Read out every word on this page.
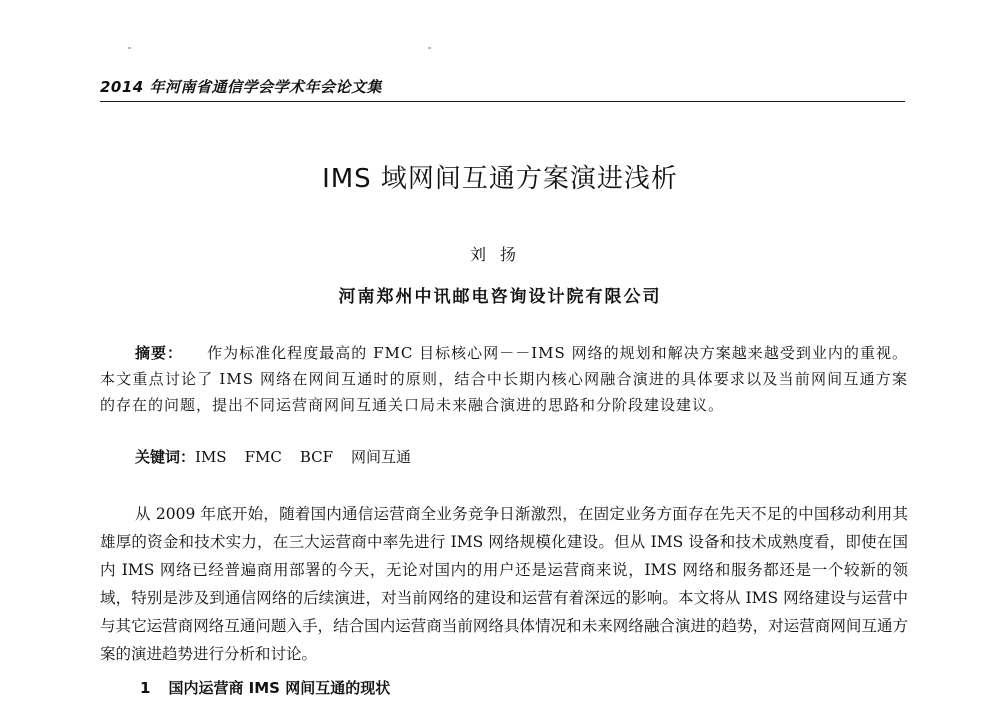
2014 年河南省通信学会学术年会论文集
IMS 域网间互通方案演进浅析
刘扬
河南郑州中讯邮电咨询设计院有限公司
摘要： 作为标准化程度最高的 FMC 目标核心网－－IMS 网络的规划和解决方案越来越受到业内的重视。本文重点讨论了 IMS 网络在网间互通时的原则，结合中长期内核心网融合演进的具体要求以及当前网间互通方案的存在的问题，提出不同运营商网间互通关口局未来融合演进的思路和分阶段建设建议。
关键词：IMS FMC BCF 网间互通
从 2009 年底开始，随着国内通信运营商全业务竞争日渐激烈，在固定业务方面存在先天不足的中国移动利用其雄厚的资金和技术实力，在三大运营商中率先进行 IMS 网络规模化建设。但从 IMS 设备和技术成熟度看，即使在国内 IMS 网络已经普遍商用部署的今天，无论对国内的用户还是运营商来说，IMS 网络和服务都还是一个较新的领域，特别是涉及到通信网络的后续演进，对当前网络的建设和运营有着深远的影响。本文将从 IMS 网络建设与运营中与其它运营商网络互通问题入手，结合国内运营商当前网络具体情况和未来网络融合演进的趋势，对运营商网间互通方案的演进趋势进行分析和讨论。
1 国内运营商 IMS 网间互通的现状
